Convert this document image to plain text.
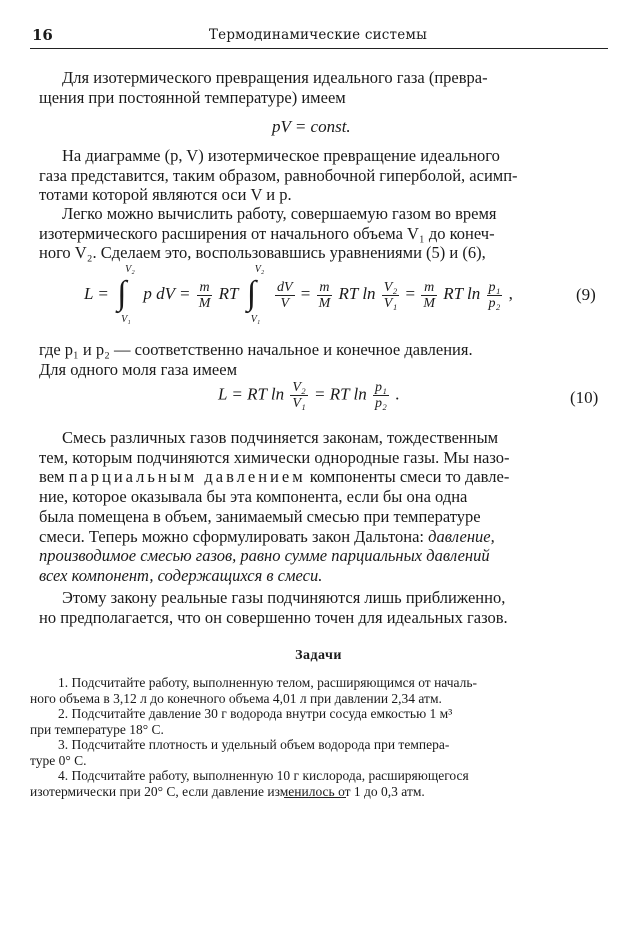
16	Термодинамические системы
Для изотермического превращения идеального газа (превра-
щения при постоянной температуре) имеем
pV = const.
На диаграмме (p, V) изотермическое превращение идеального
газа представится, таким образом, равнобочной гиперболой, асимп-
тотами которой являются оси V и p.
Легко можно вычислить работу, совершаемую газом во время
изотермического расширения от начального объема V₁ до конеч-
ного V₂. Сделаем это, воспользовавшись уравнениями (5) и (6),
L = ∫
V₂
V₁
p dV = $\frac{m}{M}$ RT ∫
V₂
V₁

$\frac{dV}{V} = \frac{m}{M}$ RT $\ln \frac{\text{V₂}}{\text{V₁}} = \frac{m}{M}$ RT $\ln \frac{\text{p₁}}{\text{p₂}}$ ,	(9)
где p₁ и p₂ — соответственно начальное и конечное давления.
Для одного моля газа имеем
L = RT $\ln \frac{\text{V₂}}{\text{V₁}}$ = RT $\ln \frac{\text{p₁}}{\text{p₂}}$ .	(10)
Смесь различных газов подчиняется законам, тождественным
тем, которым подчиняются химически однородные газы. Мы назо-
вем парциальным давлением компоненты смеси то давле-
ние, которое оказывала бы эта компонента, если бы она одна
была помещена в объем, занимаемый смесью при температуре
смеси. Теперь можно сформулировать закон Дальтона: давление,
производимое смесью газов, равно сумме парциальных давлений
всех компонент, содержащихся в смеси.
Этому закону реальные газы подчиняются лишь приближенно,
но предполагается, что он совершенно точен для идеальных газов.
Задачи
1. Подсчитайте работу, выполненную телом, расширяющимся от началь-
ного объема в 3,12 л до конечного объема 4,01 л при давлении 2,34 атм.
2. Подсчитайте давление 30 г водорода внутри сосуда емкостью 1 м³
при температуре 18° С.
3. Подсчитайте плотность и удельный объем водорода при темпера-
туре 0° С.
4. Подсчитайте работу, выполненную 10 г кислорода, расширяющегося
изотермически при 20° С, если давление изменилось от 1 до 0,3 атм.
